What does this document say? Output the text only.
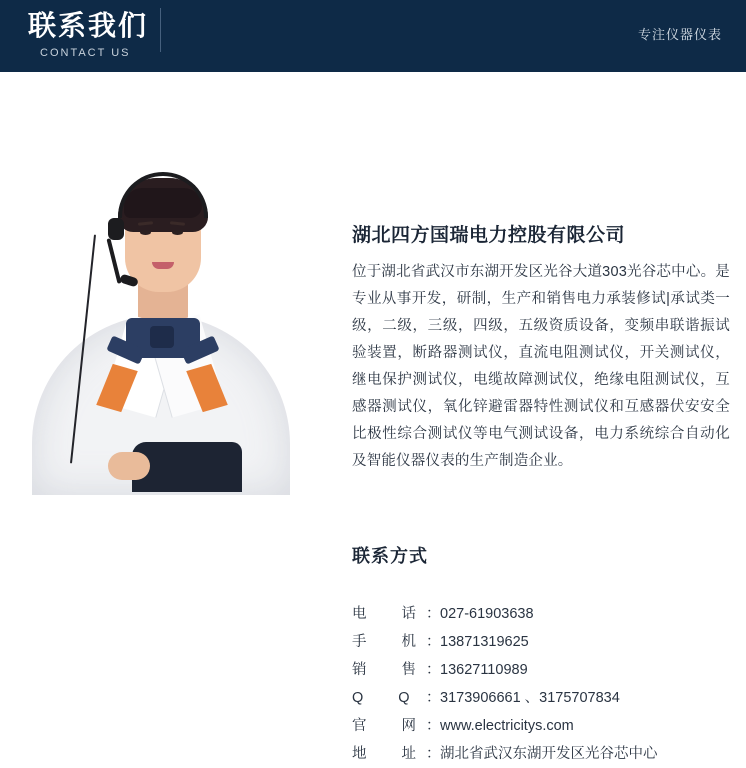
联系我们
CONTACT US
专注仪器仪表
湖北四方国瑞电力控股有限公司

位于湖北省武汉市东湖开发区光谷大道303光谷芯中心。是专业从事开发，研制，生产和销售电力承装修试|承试类一级，二级，三级，四级，五级资质设备，变频串联谐振试验装置，断路器测试仪，直流电阻测试仪，开关测试仪，继电保护测试仪，电缆故障测试仪，绝缘电阻测试仪，互感器测试仪，氧化锌避雷器特性测试仪和互感器伏安安全比极性综合测试仪等电气测试设备，电力系统综合自动化及智能仪器仪表的生产制造企业。

联系方式
电　　话 ： 027-61903638
手　　机 ： 13871319625
销　　售 ： 13627110989
Q　　Q ： 3173906661 、3175707834
官　　网 ： www.electricitys.com
地　　址 ： 湖北省武汉东湖开发区光谷芯中心
